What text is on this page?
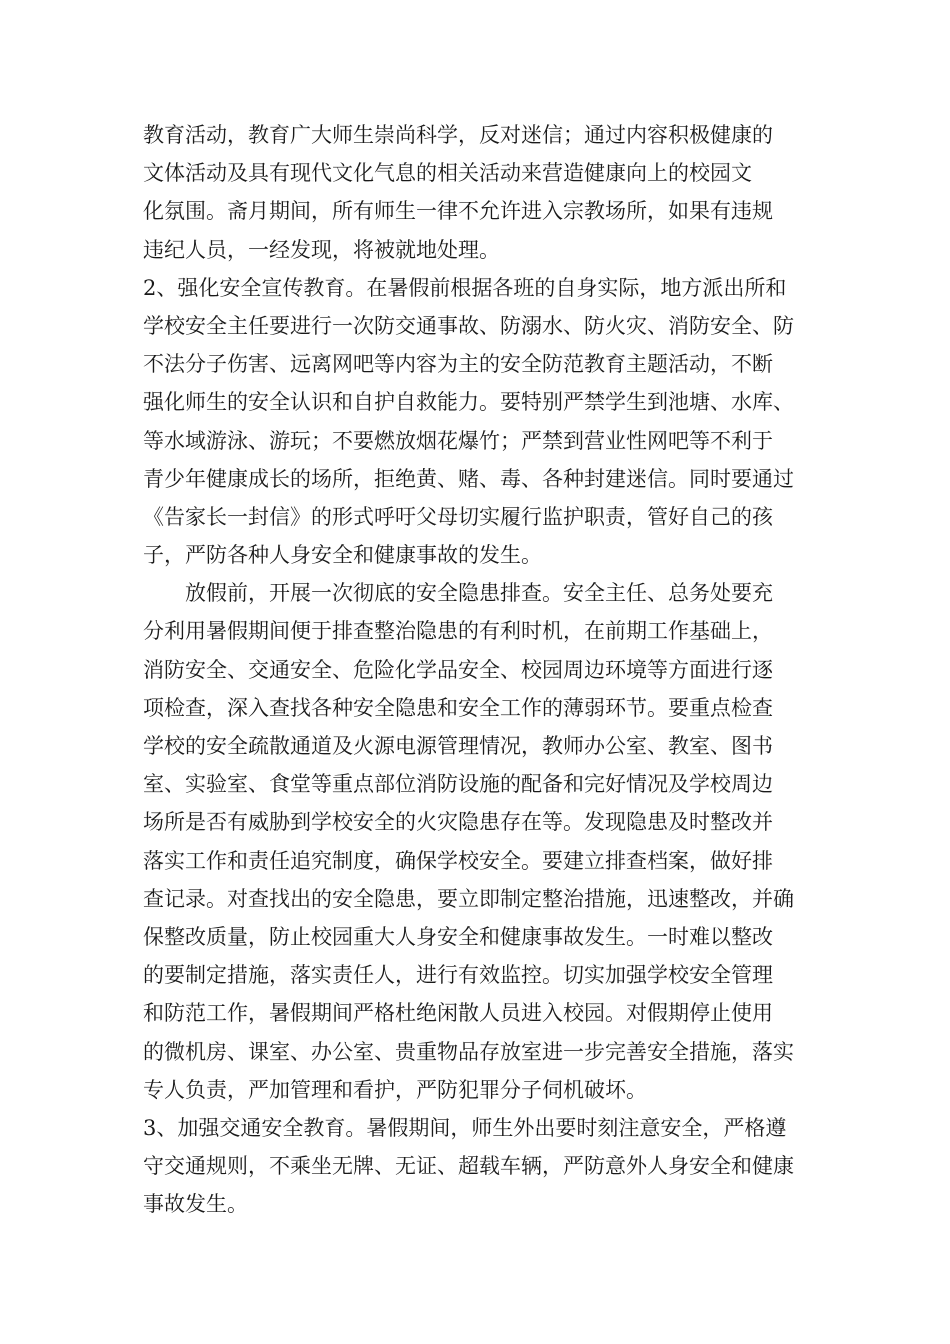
教育活动，教育广大师生崇尚科学，反对迷信；通过内容积极健康的
文体活动及具有现代文化气息的相关活动来营造健康向上的校园文
化氛围。斋月期间，所有师生一律不允许进入宗教场所，如果有违规
违纪人员，一经发现，将被就地处理。
2、强化安全宣传教育。在暑假前根据各班的自身实际，地方派出所和
学校安全主任要进行一次防交通事故、防溺水、防火灾、消防安全、防
不法分子伤害、远离网吧等内容为主的安全防范教育主题活动，不断
强化师生的安全认识和自护自救能力。要特别严禁学生到池塘、水库、
等水域游泳、游玩；不要燃放烟花爆竹；严禁到营业性网吧等不利于
青少年健康成长的场所，拒绝黄、赌、毒、各种封建迷信。同时要通过
《告家长一封信》的形式呼吁父母切实履行监护职责，管好自己的孩
子，严防各种人身安全和健康事故的发生。
放假前，开展一次彻底的安全隐患排查。安全主任、总务处要充
分利用暑假期间便于排查整治隐患的有利时机，在前期工作基础上，
消防安全、交通安全、危险化学品安全、校园周边环境等方面进行逐
项检查，深入查找各种安全隐患和安全工作的薄弱环节。要重点检查
学校的安全疏散通道及火源电源管理情况，教师办公室、教室、图书
室、实验室、食堂等重点部位消防设施的配备和完好情况及学校周边
场所是否有威胁到学校安全的火灾隐患存在等。发现隐患及时整改并
落实工作和责任追究制度，确保学校安全。要建立排查档案，做好排
查记录。对查找出的安全隐患，要立即制定整治措施，迅速整改，并确
保整改质量，防止校园重大人身安全和健康事故发生。一时难以整改
的要制定措施，落实责任人，进行有效监控。切实加强学校安全管理
和防范工作，暑假期间严格杜绝闲散人员进入校园。对假期停止使用
的微机房、课室、办公室、贵重物品存放室进一步完善安全措施，落实
专人负责，严加管理和看护，严防犯罪分子伺机破坏。
3、加强交通安全教育。暑假期间，师生外出要时刻注意安全，严格遵
守交通规则，不乘坐无牌、无证、超载车辆，严防意外人身安全和健康
事故发生。
